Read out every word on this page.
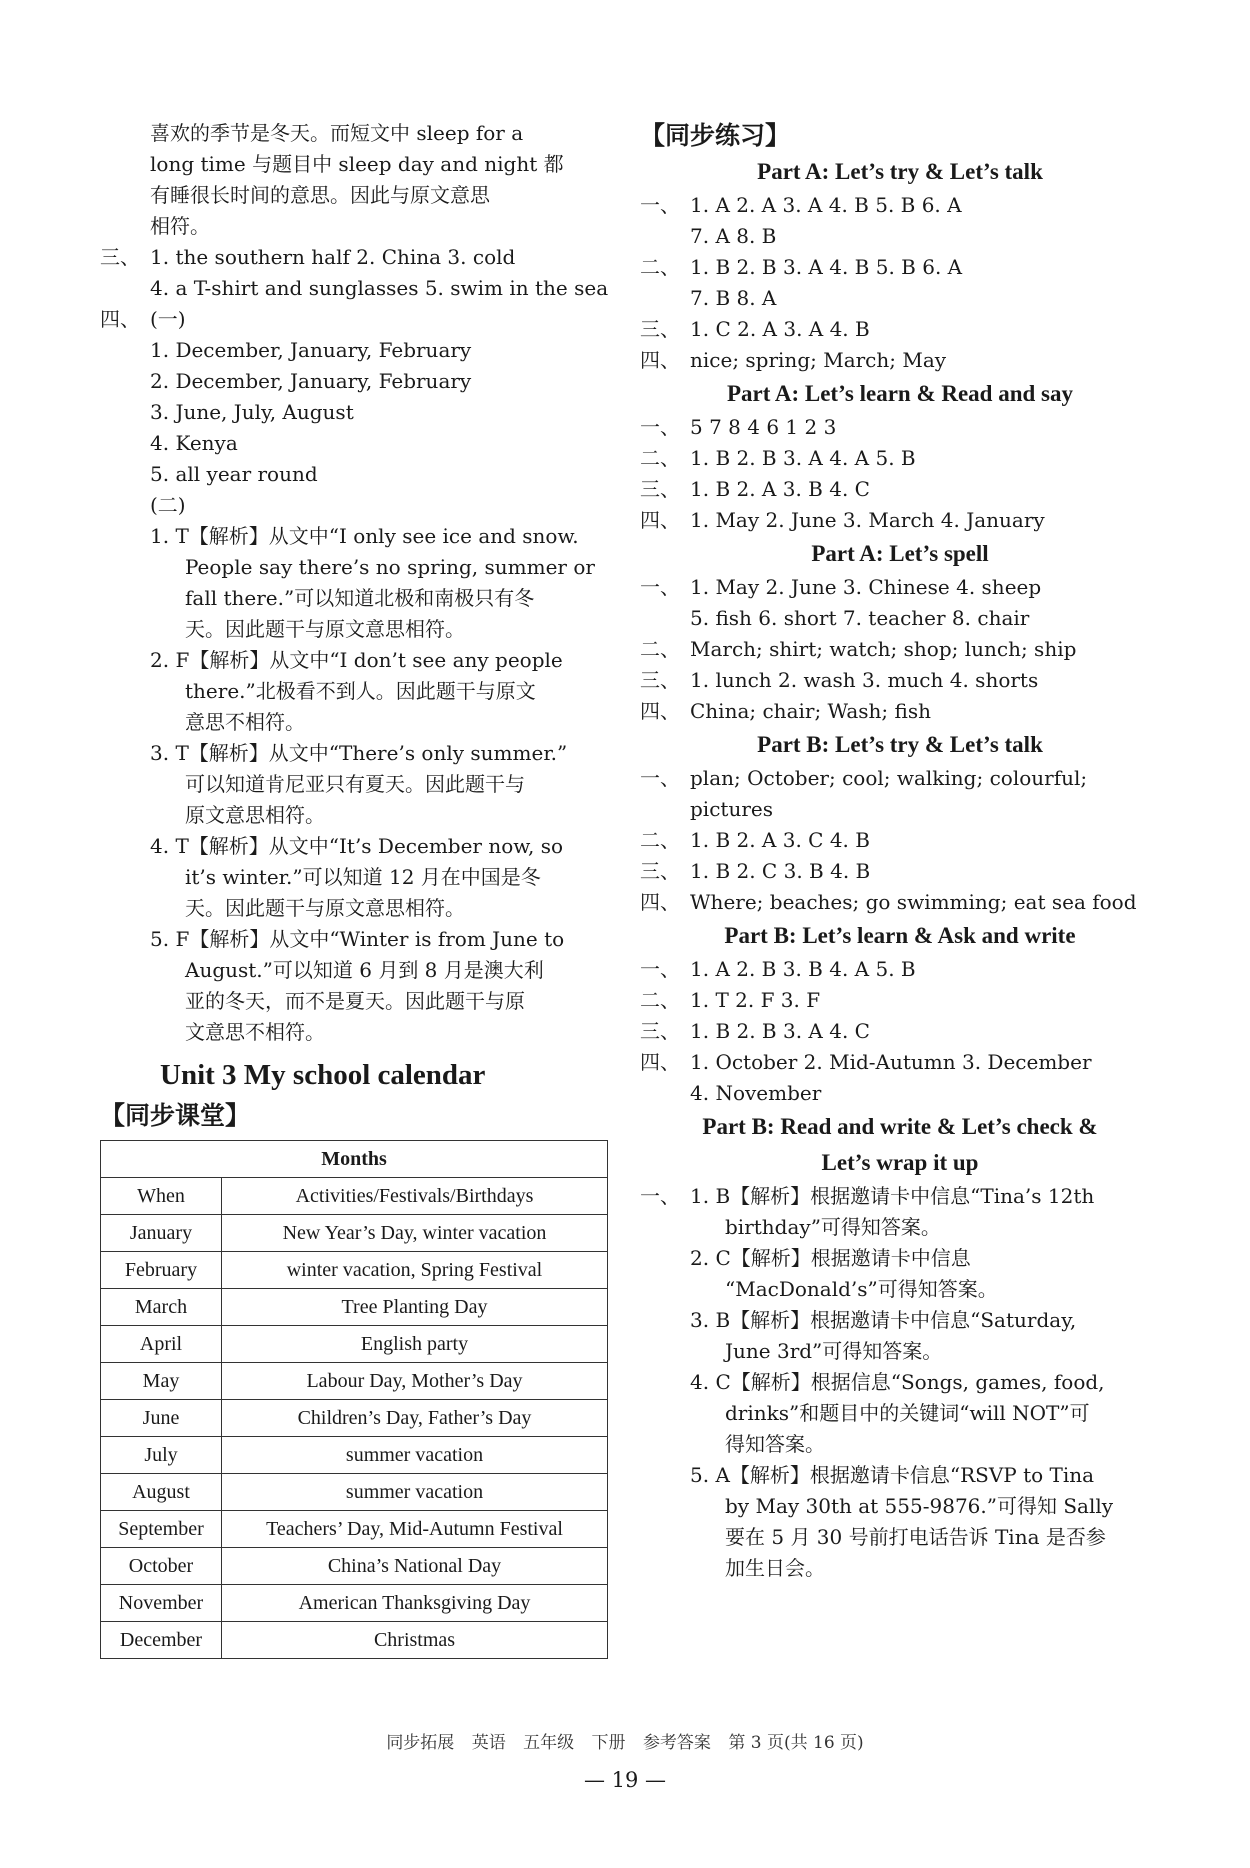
喜欢的季节是冬天。而短文中 sleep for a
long time 与题目中 sleep day and night 都
有睡很长时间的意思。因此与原文意思
相符。
三、 1. the southern half 2. China 3. cold
4. a T-shirt and sunglasses 5. swim in the sea
四、 (一)
1. December, January, February
2. December, January, February
3. June, July, August
4. Kenya
5. all year round
(二)
1. T【解析】从文中“I only see ice and snow.
People say there’s no spring, summer or
fall there.”可以知道北极和南极只有冬
天。因此题干与原文意思相符。
2. F【解析】从文中“I don’t see any people
there.”北极看不到人。因此题干与原文
意思不相符。
3. T【解析】从文中“There’s only summer.”
可以知道肯尼亚只有夏天。因此题干与
原文意思相符。
4. T【解析】从文中“It’s December now, so
it’s winter.”可以知道 12 月在中国是冬
天。因此题干与原文意思相符。
5. F【解析】从文中“Winter is from June to
August.”可以知道 6 月到 8 月是澳大利
亚的冬天，而不是夏天。因此题干与原
文意思不相符。
Unit 3 My school calendar
【同步课堂】
Months	
When	Activities/Festivals/Birthdays
January	New Year’s Day, winter vacation
February	winter vacation, Spring Festival
March	Tree Planting Day
April	English party
May	Labour Day, Mother’s Day
June	Children’s Day, Father’s Day
July	summer vacation
August	summer vacation
September	Teachers’ Day, Mid-Autumn Festival
October	China’s National Day
November	American Thanksgiving Day
December	Christmas
【同步练习】
Part A: Let’s try & Let’s talk
一、 1. A 2. A 3. A 4. B 5. B 6. A
7. A 8. B
二、 1. B 2. B 3. A 4. B 5. B 6. A
7. B 8. A
三、 1. C 2. A 3. A 4. B
四、 nice; spring; March; May
Part A: Let’s learn & Read and say
一、 5 7 8 4 6 1 2 3
二、 1. B 2. B 3. A 4. A 5. B
三、 1. B 2. A 3. B 4. C
四、 1. May 2. June 3. March 4. January
Part A: Let’s spell
一、 1. May 2. June 3. Chinese 4. sheep
5. fish 6. short 7. teacher 8. chair
二、 March; shirt; watch; shop; lunch; ship
三、 1. lunch 2. wash 3. much 4. shorts
四、 China; chair; Wash; fish
Part B: Let’s try & Let’s talk
一、 plan; October; cool; walking; colourful;
pictures
二、 1. B 2. A 3. C 4. B
三、 1. B 2. C 3. B 4. B
四、 Where; beaches; go swimming; eat sea food
Part B: Let’s learn & Ask and write
一、 1. A 2. B 3. B 4. A 5. B
二、 1. T 2. F 3. F
三、 1. B 2. B 3. A 4. C
四、 1. October 2. Mid-Autumn 3. December
4. November
Part B: Read and write & Let’s check &
Let’s wrap it up
一、 1. B【解析】根据邀请卡中信息“Tina’s 12th
birthday”可得知答案。
2. C【解析】根据邀请卡中信息
“MacDonald’s”可得知答案。
3. B【解析】根据邀请卡中信息“Saturday,
June 3rd”可得知答案。
4. C【解析】根据信息“Songs, games, food,
drinks”和题目中的关键词“will NOT”可
得知答案。
5. A【解析】根据邀请卡信息“RSVP to Tina
by May 30th at 555-9876.”可得知 Sally
要在 5 月 30 号前打电话告诉 Tina 是否参
加生日会。
同步拓展 英语 五年级 下册 参考答案 第 3 页(共 16 页)
— 19 —
